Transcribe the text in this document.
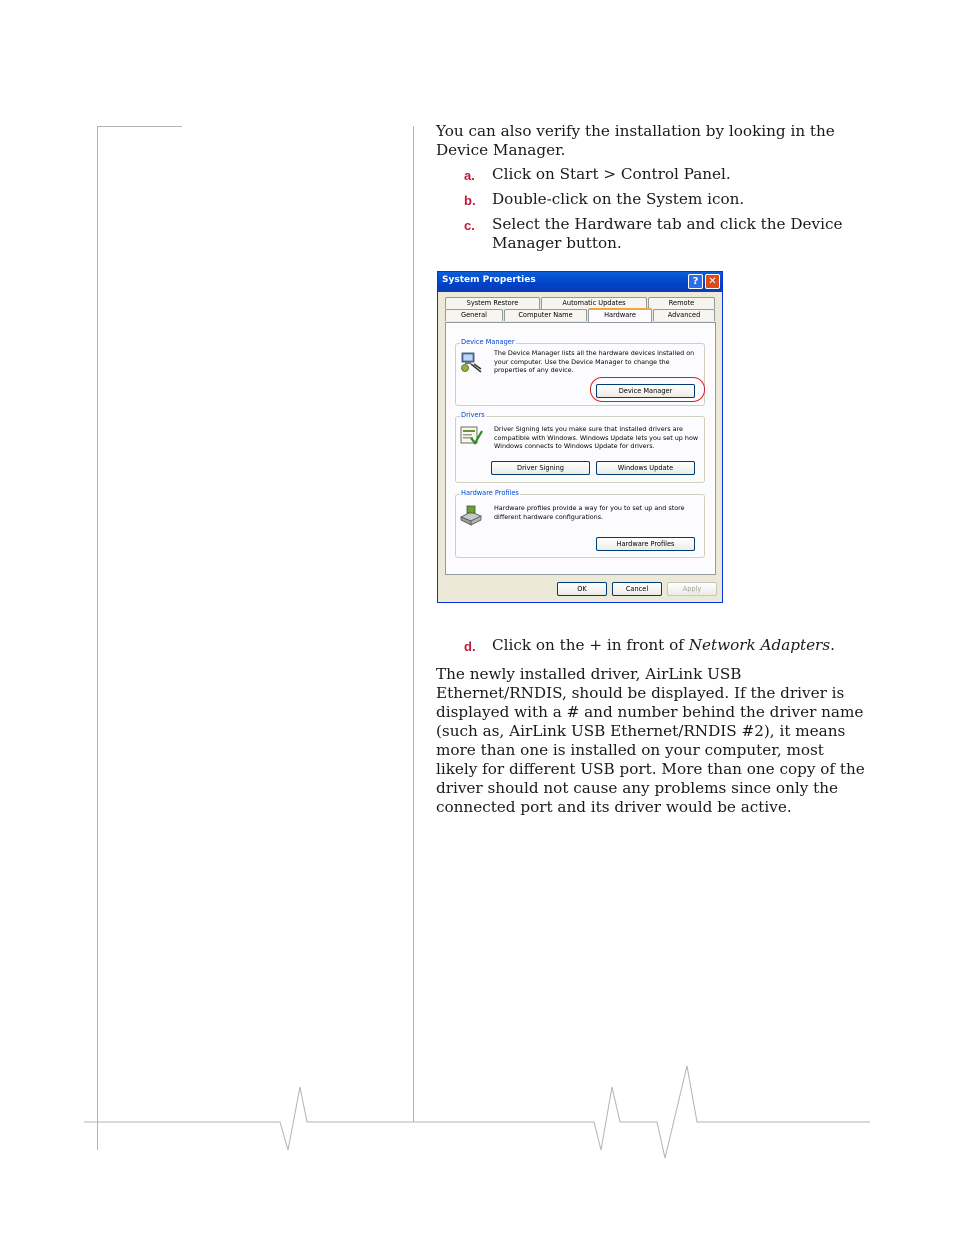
You can also verify the installation by looking in the Device Manager.
a. Click on Start > Control Panel.
b. Double-click on the System icon.
c. Select the Hardware tab and click the Device Manager button.
System Properties	? ✕
System Restore	Automatic Updates	Remote
General	Computer Name	Hardware	Advanced
Device Manager
The Device Manager lists all the hardware devices installed on your computer. Use the Device Manager to change the properties of any device.
Device Manager
Drivers
Driver Signing lets you make sure that installed drivers are compatible with Windows. Windows Update lets you set up how Windows connects to Windows Update for drivers.
Driver Signing	Windows Update
Hardware Profiles
Hardware profiles provide a way for you to set up and store different hardware configurations.
Hardware Profiles
OK	Cancel	Apply
d. Click on the + in front of Network Adapters.
The newly installed driver, AirLink USB Ethernet/RNDIS, should be displayed. If the driver is displayed with a # and number behind the driver name (such as, AirLink USB Ethernet/RNDIS #2), it means more than one is installed on your computer, most likely for different USB port. More than one copy of the driver should not cause any problems since only the connected port and its driver would be active.
